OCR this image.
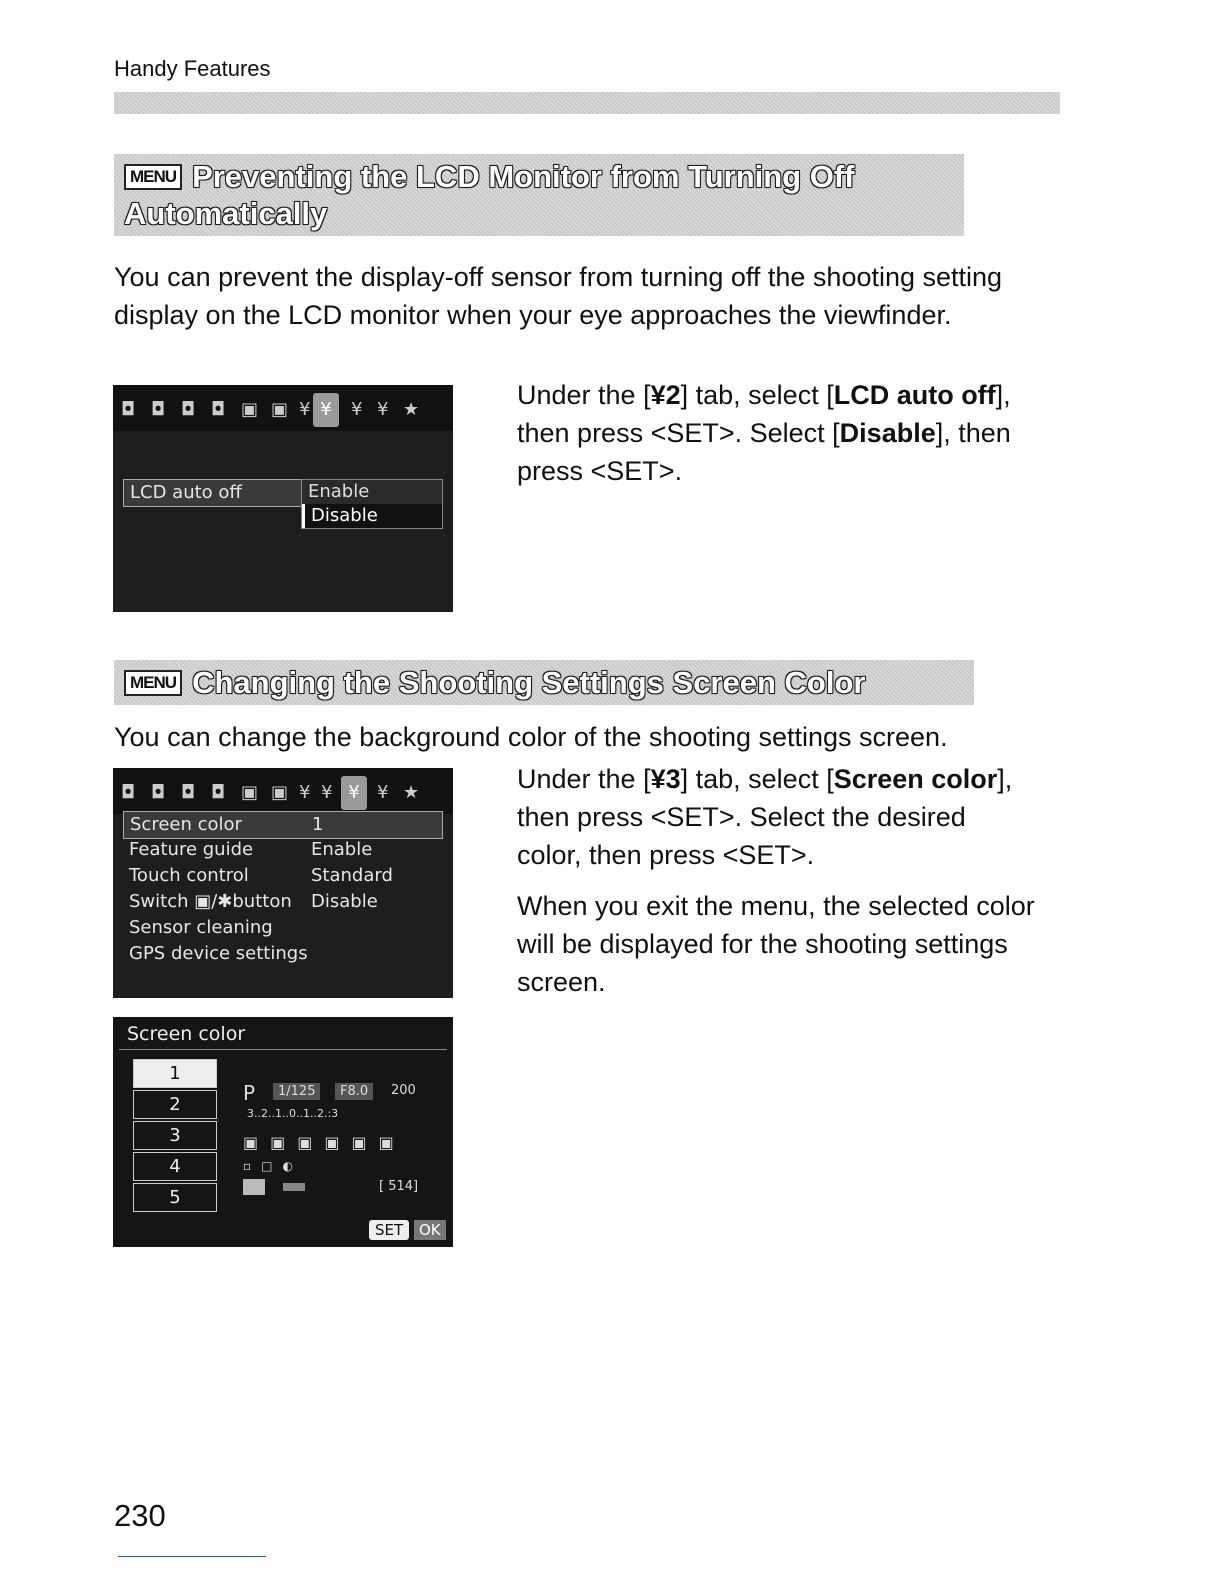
Handy Features
MENU Preventing the LCD Monitor from Turning Off Automatically
You can prevent the display-off sensor from turning off the shooting setting display on the LCD monitor when your eye approaches the viewfinder.
◘ ◘ ◘ ◘ ▣ ▣ ¥ ¥	¥ ¥ ★
LCD auto off	Enable
Disable
Under the [¥2] tab, select [LCD auto off], then press <SET>. Select [Disable], then press <SET>.
MENU Changing the Shooting Settings Screen Color
You can change the background color of the shooting settings screen.
◘ ◘ ◘ ◘ ▣ ▣ ¥ ¥ ¥ ¥ ★
Screen color	1
Feature guide	Enable
Touch control	Standard
Switch ▣/✱button Disable
Sensor cleaning
GPS device settings
Screen color
1
2
3
4
5
P	1/125	F8.0	200
3..2..1..0..1..2.:3
▣▣▣▣▣▣
▫□◐
[ 514]
SET OK
Under the [¥3] tab, select [Screen color], then press <SET>. Select the desired color, then press <SET>.
When you exit the menu, the selected color will be displayed for the shooting settings screen.
230
